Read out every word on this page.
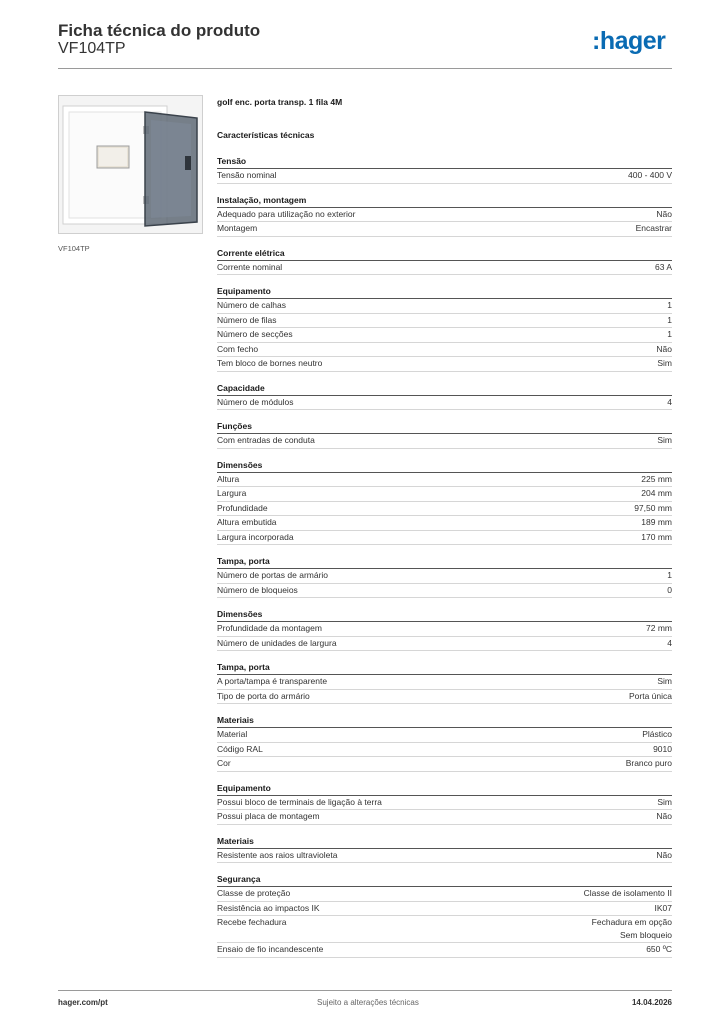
Ficha técnica do produto
VF104TP	:hager
VF104TP
golf enc. porta transp. 1 fila 4M
Características técnicas
Tensão
Tensão nominal	400 - 400 V
Instalação, montagem
Adequado para utilização no exterior	Não
Montagem	Encastrar
Corrente elétrica
Corrente nominal	63 A
Equipamento
Número de calhas	1
Número de filas	1
Número de secções	1
Com fecho	Não
Tem bloco de bornes neutro	Sim
Capacidade
Número de módulos	4
Funções
Com entradas de conduta	Sim
Dimensões
Altura	225 mm
Largura	204 mm
Profundidade	97,50 mm
Altura embutida	189 mm
Largura incorporada	170 mm
Tampa, porta
Número de portas de armário	1
Número de bloqueios	0
Dimensões
Profundidade da montagem	72 mm
Número de unidades de largura	4
Tampa, porta
A porta/tampa é transparente	Sim
Tipo de porta do armário	Porta única
Materiais
Material	Plástico
Código RAL	9010
Cor	Branco puro
Equipamento
Possui bloco de terminais de ligação à terra	Sim
Possui placa de montagem	Não
Materiais
Resistente aos raios ultravioleta	Não
Segurança
Classe de proteção	Classe de isolamento II
Resistência ao impactos IK	IK07
Recebe fechadura	Fechadura em opção
Sem bloqueio
Ensaio de fio incandescente	650 ºC
hager.com/pt	Sujeito a alterações técnicas	14.04.2026
